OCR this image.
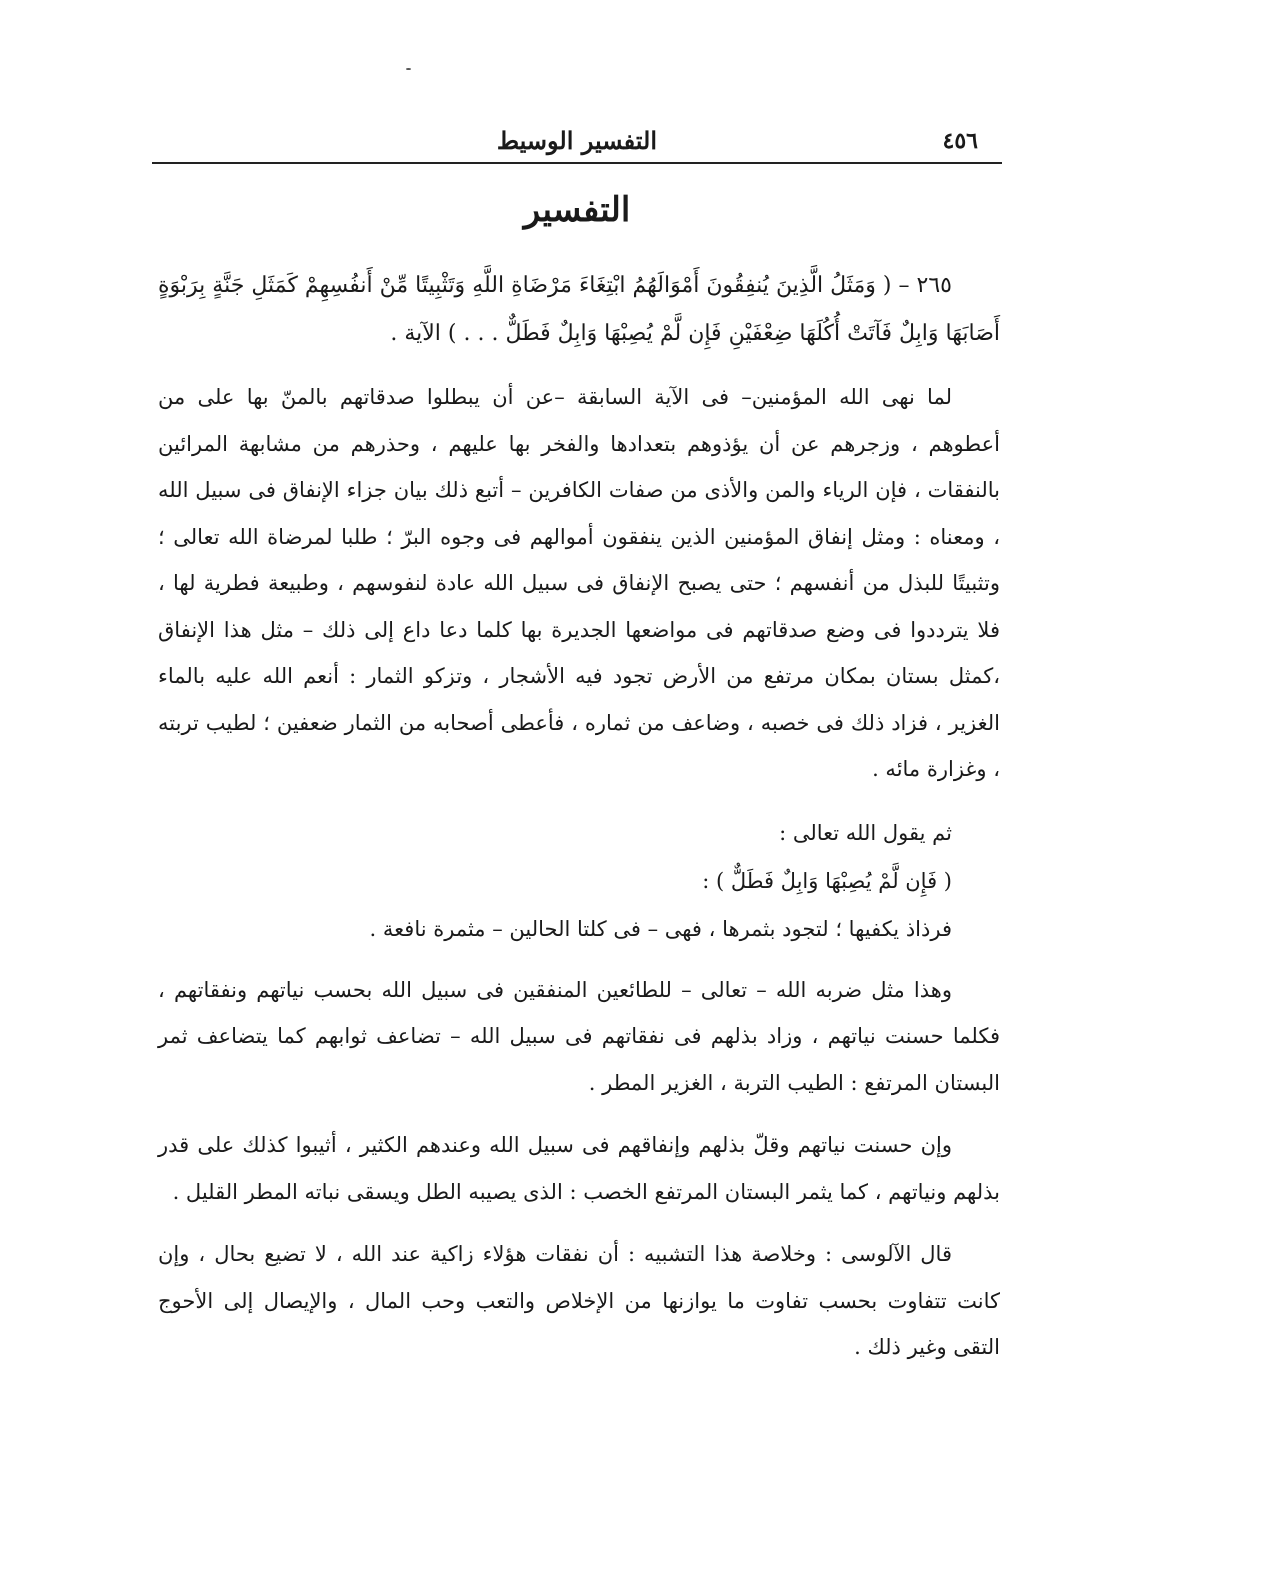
٤٥٦
التفسير الوسيط
التفسير

٢٦٥ – ( وَمَثَلُ الَّذِينَ يُنفِقُونَ أَمْوَالَهُمُ ابْتِغَاءَ مَرْضَاةِ اللَّهِ وَتَثْبِيتًا مِّنْ أَنفُسِهِمْ كَمَثَلِ جَنَّةٍ بِرَبْوَةٍ أَصَابَهَا وَابِلٌ فَآتَتْ أُكُلَهَا ضِعْفَيْنِ فَإِن لَّمْ يُصِبْهَا وَابِلٌ فَطَلٌّ . . . ) الآية .

لما نهى الله المؤمنين– فى الآية السابقة –عن أن يبطلوا صدقاتهم بالمنّ بها على من أعطوهم ، وزجرهم عن أن يؤذوهم بتعدادها والفخر بها عليهم ، وحذرهم من مشابهة المرائين بالنفقات ، فإن الرياء والمن والأذى من صفات الكافرين – أتبع ذلك بيان جزاء الإنفاق فى سبيل الله ، ومعناه : ومثل إنفاق المؤمنين الذين ينفقون أموالهم فى وجوه البرّ ؛ طلبا لمرضاة الله تعالى ؛ وتثبيتًا للبذل من أنفسهم ؛ حتى يصبح الإنفاق فى سبيل الله عادة لنفوسهم ، وطبيعة فطرية لها ، فلا يترددوا فى وضع صدقاتهم فى مواضعها الجديرة بها كلما دعا داع إلى ذلك – مثل هذا الإنفاق ،كمثل بستان بمكان مرتفع من الأرض تجود فيه الأشجار ، وتزكو الثمار : أنعم الله عليه بالماء الغزير ، فزاد ذلك فى خصبه ، وضاعف من ثماره ، فأعطى أصحابه من الثمار ضعفين ؛ لطيب تربته ، وغزارة مائه .

ثم يقول الله تعالى :
( فَإِن لَّمْ يُصِبْهَا وَابِلٌ فَطَلٌّ ) :
فرذاذ يكفيها ؛ لتجود بثمرها ، فهى – فى كلتا الحالين – مثمرة نافعة .

وهذا مثل ضربه الله – تعالى – للطائعين المنفقين فى سبيل الله بحسب نياتهم ونفقاتهم ، فكلما حسنت نياتهم ، وزاد بذلهم فى نفقاتهم فى سبيل الله – تضاعف ثوابهم كما يتضاعف ثمر البستان المرتفع : الطيب التربة ، الغزير المطر .

وإن حسنت نياتهم وقلّ بذلهم وإنفاقهم فى سبيل الله وعندهم الكثير ، أثيبوا كذلك على قدر بذلهم ونياتهم ، كما يثمر البستان المرتفع الخصب : الذى يصيبه الطل ويسقى نباته المطر القليل .

قال الآلوسى : وخلاصة هذا التشبيه : أن نفقات هؤلاء زاكية عند الله ، لا تضيع بحال ، وإن كانت تتفاوت بحسب تفاوت ما يوازنها من الإخلاص والتعب وحب المال ، والإيصال إلى الأحوج التقى وغير ذلك .
